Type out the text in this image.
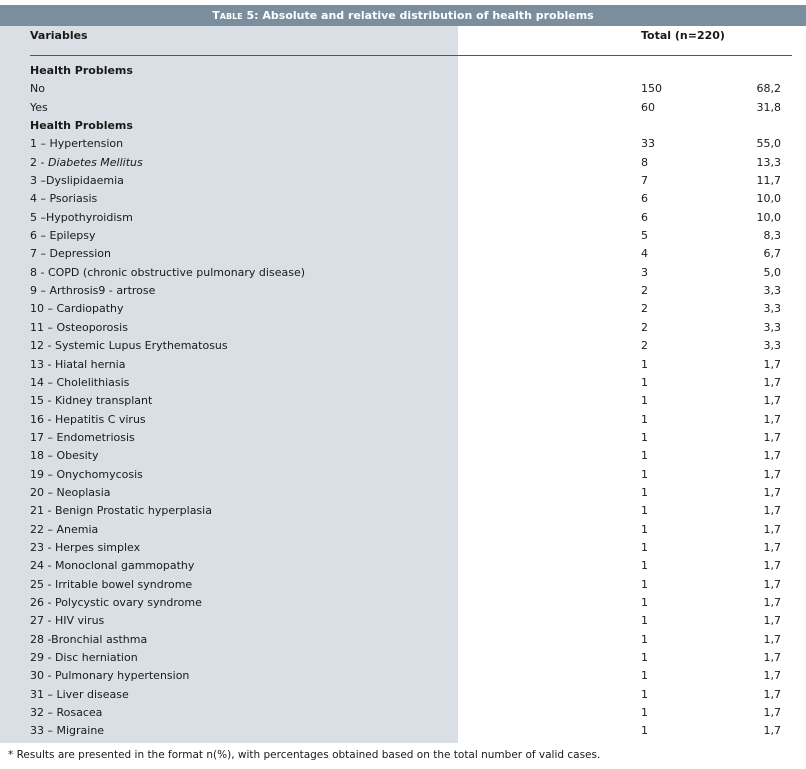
Table 5:
Absolute and relative distribution of health problems
Variables	Total (n=220)
Health Problems
No	150	68,2
Yes	60	31,8
Health Problems
1 – Hypertension	33	55,0
2 - Diabetes Mellitus	8	13,3
3 –Dyslipidaemia	7	11,7
4 – Psoriasis	6	10,0
5 –Hypothyroidism	6	10,0
6 – Epilepsy	5	8,3
7 – Depression	4	6,7
8 - COPD (chronic obstructive pulmonary disease)	3	5,0
9 – Arthrosis9 - artrose	2	3,3
10 – Cardiopathy	2	3,3
11 – Osteoporosis	2	3,3
12 - Systemic Lupus Erythematosus	2	3,3
13 - Hiatal hernia	1	1,7
14 – Cholelithiasis	1	1,7
15 - Kidney transplant	1	1,7
16 - Hepatitis C virus	1	1,7
17 – Endometriosis	1	1,7
18 – Obesity	1	1,7
19 – Onychomycosis	1	1,7
20 – Neoplasia	1	1,7
21 - Benign Prostatic hyperplasia	1	1,7
22 – Anemia	1	1,7
23 - Herpes simplex	1	1,7
24 - Monoclonal gammopathy	1	1,7
25 - Irritable bowel syndrome	1	1,7
26 - Polycystic ovary syndrome	1	1,7
27 - HIV virus	1	1,7
28 -Bronchial asthma	1	1,7
29 - Disc herniation	1	1,7
30 - Pulmonary hypertension	1	1,7
31 – Liver disease	1	1,7
32 – Rosacea	1	1,7
33 – Migraine	1	1,7
* Results are presented in the format n(%), with percentages obtained based on the total number of valid cases.
